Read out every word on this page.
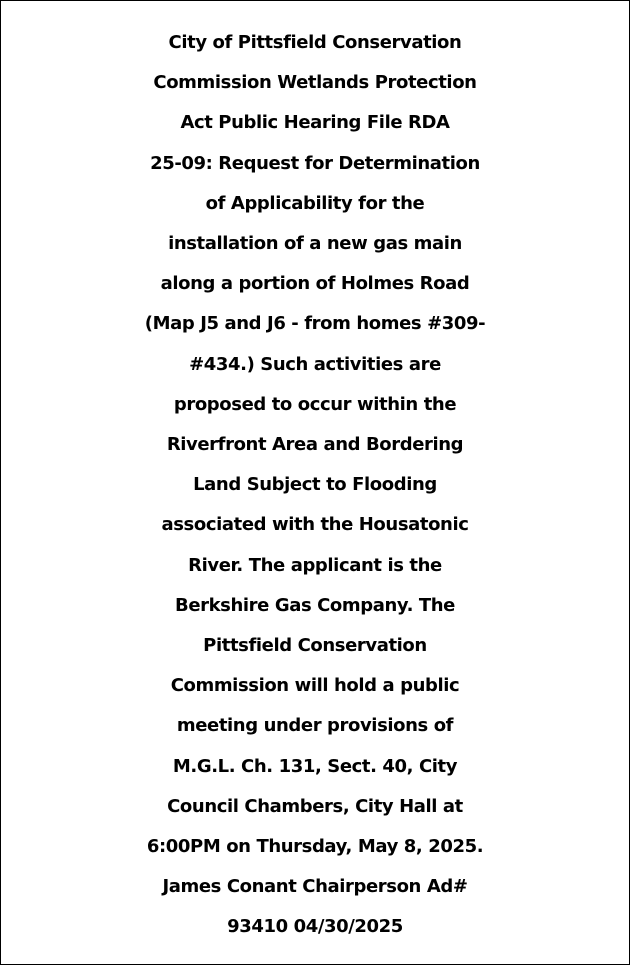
City of Pittsfield Conservation
Commission Wetlands Protection
Act Public Hearing File RDA
25-09: Request for Determination
of Applicability for the
installation of a new gas main
along a portion of Holmes Road
(Map J5 and J6 - from homes #309-
#434.) Such activities are
proposed to occur within the
Riverfront Area and Bordering
Land Subject to Flooding
associated with the Housatonic
River. The applicant is the
Berkshire Gas Company. The
Pittsfield Conservation
Commission will hold a public
meeting under provisions of
M.G.L. Ch. 131, Sect. 40, City
Council Chambers, City Hall at
6:00PM on Thursday, May 8, 2025.
James Conant Chairperson Ad#
93410 04/30/2025
